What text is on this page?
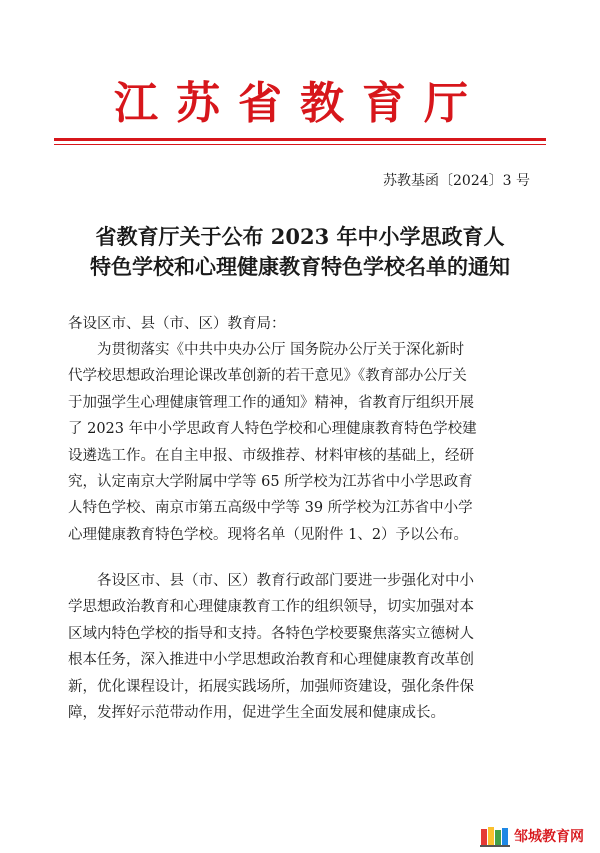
江苏省教育厅
苏教基函〔2024〕3 号
省教育厅关于公布 2023 年中小学思政育人
特色学校和心理健康教育特色学校名单的通知
各设区市、县（市、区）教育局：
为贯彻落实《中共中央办公厅 国务院办公厅关于深化新时
代学校思想政治理论课改革创新的若干意见》《教育部办公厅关
于加强学生心理健康管理工作的通知》精神，省教育厅组织开展
了 2023 年中小学思政育人特色学校和心理健康教育特色学校建
设遴选工作。在自主申报、市级推荐、材料审核的基础上，经研
究，认定南京大学附属中学等 65 所学校为江苏省中小学思政育
人特色学校、南京市第五高级中学等 39 所学校为江苏省中小学
心理健康教育特色学校。现将名单（见附件 1、2）予以公布。
各设区市、县（市、区）教育行政部门要进一步强化对中小
学思想政治教育和心理健康教育工作的组织领导，切实加强对本
区域内特色学校的指导和支持。各特色学校要聚焦落实立德树人
根本任务，深入推进中小学思想政治教育和心理健康教育改革创
新，优化课程设计，拓展实践场所，加强师资建设，强化条件保
障，发挥好示范带动作用，促进学生全面发展和健康成长。
邹城教育网
